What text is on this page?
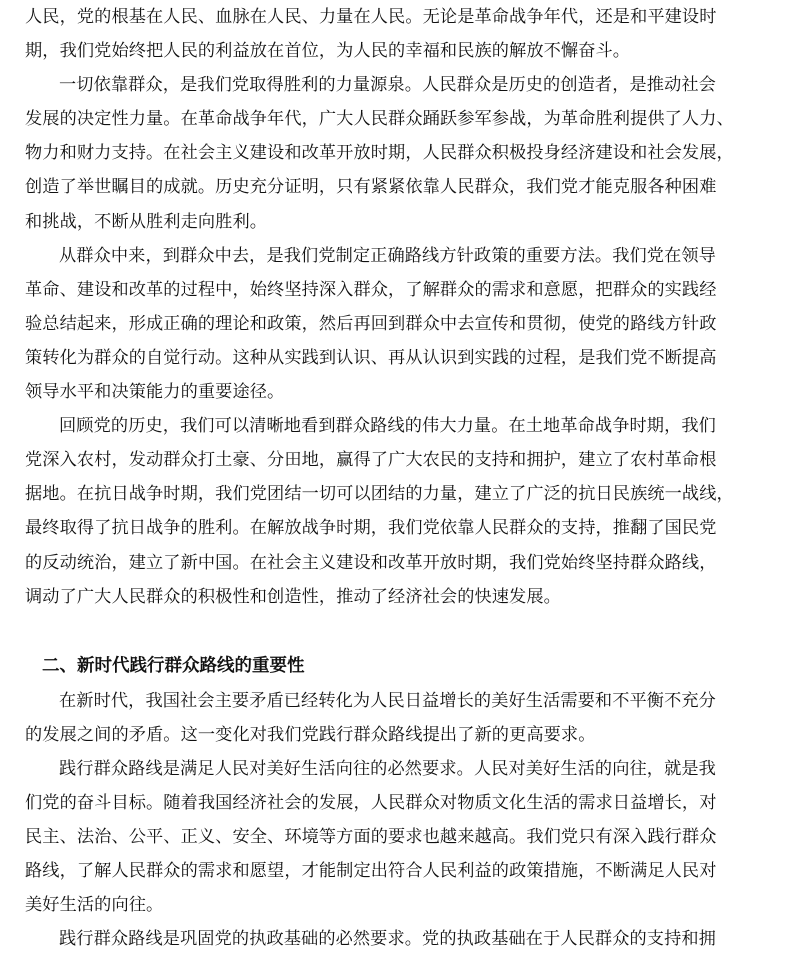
人民，党的根基在人民、血脉在人民、力量在人民。无论是革命战争年代，还是和平建设时
期，我们党始终把人民的利益放在首位，为人民的幸福和民族的解放不懈奋斗。
一切依靠群众，是我们党取得胜利的力量源泉。人民群众是历史的创造者，是推动社会
发展的决定性力量。在革命战争年代，广大人民群众踊跃参军参战，为革命胜利提供了人力、
物力和财力支持。在社会主义建设和改革开放时期，人民群众积极投身经济建设和社会发展，
创造了举世瞩目的成就。历史充分证明，只有紧紧依靠人民群众，我们党才能克服各种困难
和挑战，不断从胜利走向胜利。
从群众中来，到群众中去，是我们党制定正确路线方针政策的重要方法。我们党在领导
革命、建设和改革的过程中，始终坚持深入群众，了解群众的需求和意愿，把群众的实践经
验总结起来，形成正确的理论和政策，然后再回到群众中去宣传和贯彻，使党的路线方针政
策转化为群众的自觉行动。这种从实践到认识、再从认识到实践的过程，是我们党不断提高
领导水平和决策能力的重要途径。
回顾党的历史，我们可以清晰地看到群众路线的伟大力量。在土地革命战争时期，我们
党深入农村，发动群众打土豪、分田地，赢得了广大农民的支持和拥护，建立了农村革命根
据地。在抗日战争时期，我们党团结一切可以团结的力量，建立了广泛的抗日民族统一战线，
最终取得了抗日战争的胜利。在解放战争时期，我们党依靠人民群众的支持，推翻了国民党
的反动统治，建立了新中国。在社会主义建设和改革开放时期，我们党始终坚持群众路线，
调动了广大人民群众的积极性和创造性，推动了经济社会的快速发展。
二、新时代践行群众路线的重要性
在新时代，我国社会主要矛盾已经转化为人民日益增长的美好生活需要和不平衡不充分
的发展之间的矛盾。这一变化对我们党践行群众路线提出了新的更高要求。
践行群众路线是满足人民对美好生活向往的必然要求。人民对美好生活的向往，就是我
们党的奋斗目标。随着我国经济社会的发展，人民群众对物质文化生活的需求日益增长，对
民主、法治、公平、正义、安全、环境等方面的要求也越来越高。我们党只有深入践行群众
路线，了解人民群众的需求和愿望，才能制定出符合人民利益的政策措施，不断满足人民对
美好生活的向往。
践行群众路线是巩固党的执政基础的必然要求。党的执政基础在于人民群众的支持和拥
